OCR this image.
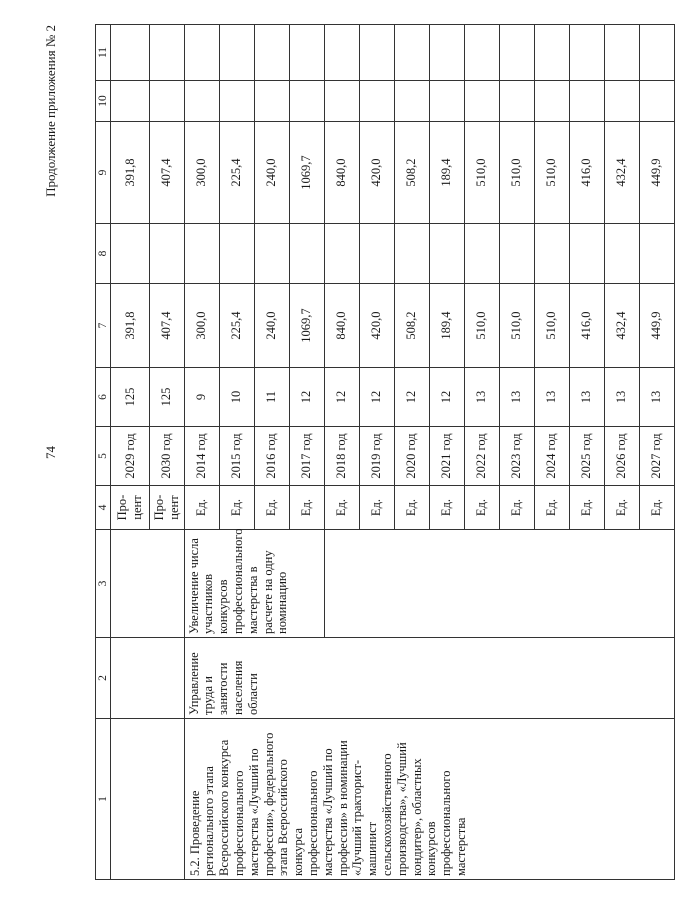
74
Продолжение приложения № 2
1	2	3	4	5	6	7	8	9	10	11
			Про-цент	2029 год	125	391,8		391,8		
			Про-цент	2030 год	125	407,4		407,4		
5.2. Проведение регионального этапа Всероссийского конкурса профессионального мастерства «Лучший по профессии», федерального этапа Всероссийского конкурса профессионального мастерства «Лучший по профессии» в номинации «Лучший тракторист-машинист сельскохозяйственного производства», «Лучший кондитер», областных конкурсов профессионального мастерства	Управление труда и занятости населения области	Увеличение числа участников конкурсов профессионального мастерства в расчете на одну номинацию	Ед.	2014 год	9	300,0		300,0		
			Ед.	2015 год	10	225,4		225,4		
			Ед.	2016 год	11	240,0		240,0		
			Ед.	2017 год	12	1069,7		1069,7		
			Ед.	2018 год	12	840,0		840,0		
			Ед.	2019 год	12	420,0		420,0		
			Ед.	2020 год	12	508,2		508,2		
			Ед.	2021 год	12	189,4		189,4		
			Ед.	2022 год	13	510,0		510,0		
			Ед.	2023 год	13	510,0		510,0		
			Ед.	2024 год	13	510,0		510,0		
			Ед.	2025 год	13	416,0		416,0		
			Ед.	2026 год	13	432,4		432,4		
			Ед.	2027 год	13	449,9		449,9		
